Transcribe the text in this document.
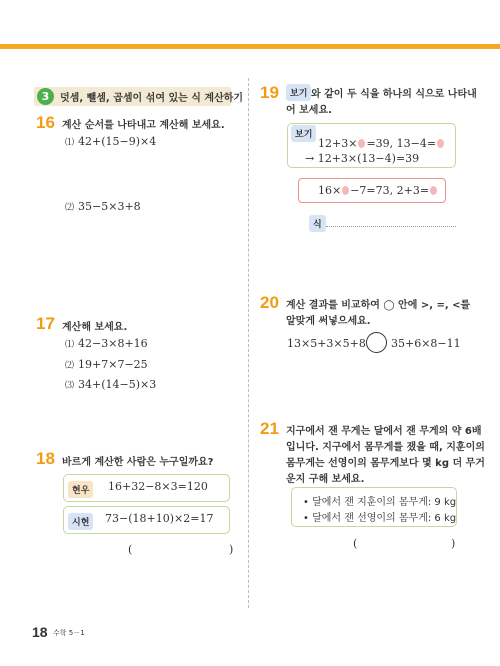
3	덧셈, 뺄셈, 곱셈이 섞여 있는 식 계산하기
16 계산 순서를 나타내고 계산해 보세요.
⑴ 42+(15−9)×4
⑵ 35−5×3+8
17 계산해 보세요.
⑴ 42−3×8+16
⑵ 19+7×7−25
⑶ 34+(14−5)×3
18 바르게 계산한 사람은 누구일까요?
현우	16+32−8×3=120
시현	73−(18+10)×2=17
(	)
19	보기 와 같이 두 식을 하나의 식으로 나타내
어 보세요.
보기
12+3× =39, 13−4=
→ 12+3×(13−4)=39
16× −7=73, 2+3=
식
20 계산 결과를 비교하여 ◯ 안에 >, =, <를
알맞게 써넣으세요.
13×5+3×5+8 35+6×8−11
21 지구에서 잰 무게는 달에서 잰 무게의 약 6배
입니다. 지구에서 몸무게를 쟀을 때, 지훈이의
몸무게는 선영이의 몸무게보다 몇 kg 더 무거
운지 구해 보세요.
• 달에서 잰 지훈이의 몸무게: 9 kg
• 달에서 잰 선영이의 몸무게: 6 kg
(	)
18 수학 5－1
